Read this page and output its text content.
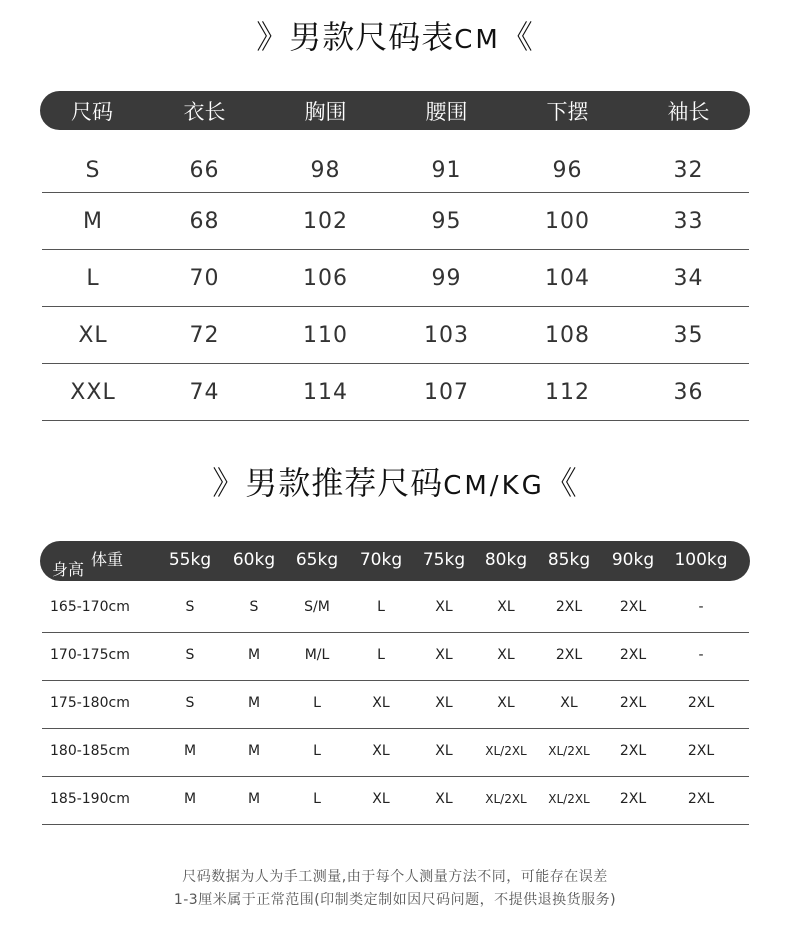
》男款尺码表CM《
尺码	衣长	胸围	腰围	下摆	袖长
S	66	98	91	96	32
M	68	102	95	100	33
L	70	106	99	104	34
XL	72	110	103	108	35
XXL	74	114	107	112	36
》男款推荐尺码CM/KG《
身高
体重	55kg	60kg	65kg	70kg	75kg	80kg	85kg	90kg	100kg
165-170cm	S	S	S/M	L	XL	XL	2XL	2XL	-
170-175cm	S	M	M/L	L	XL	XL	2XL	2XL	-
175-180cm	S	M	L	XL	XL	XL	XL	2XL	2XL
180-185cm	M	M	L	XL	XL	XL/2XL	XL/2XL	2XL	2XL
185-190cm	M	M	L	XL	XL	XL/2XL	XL/2XL	2XL	2XL
尺码数据为人为手工测量,由于每个人测量方法不同，可能存在误差
1-3厘米属于正常范围(印制类定制如因尺码问题，不提供退换货服务)
